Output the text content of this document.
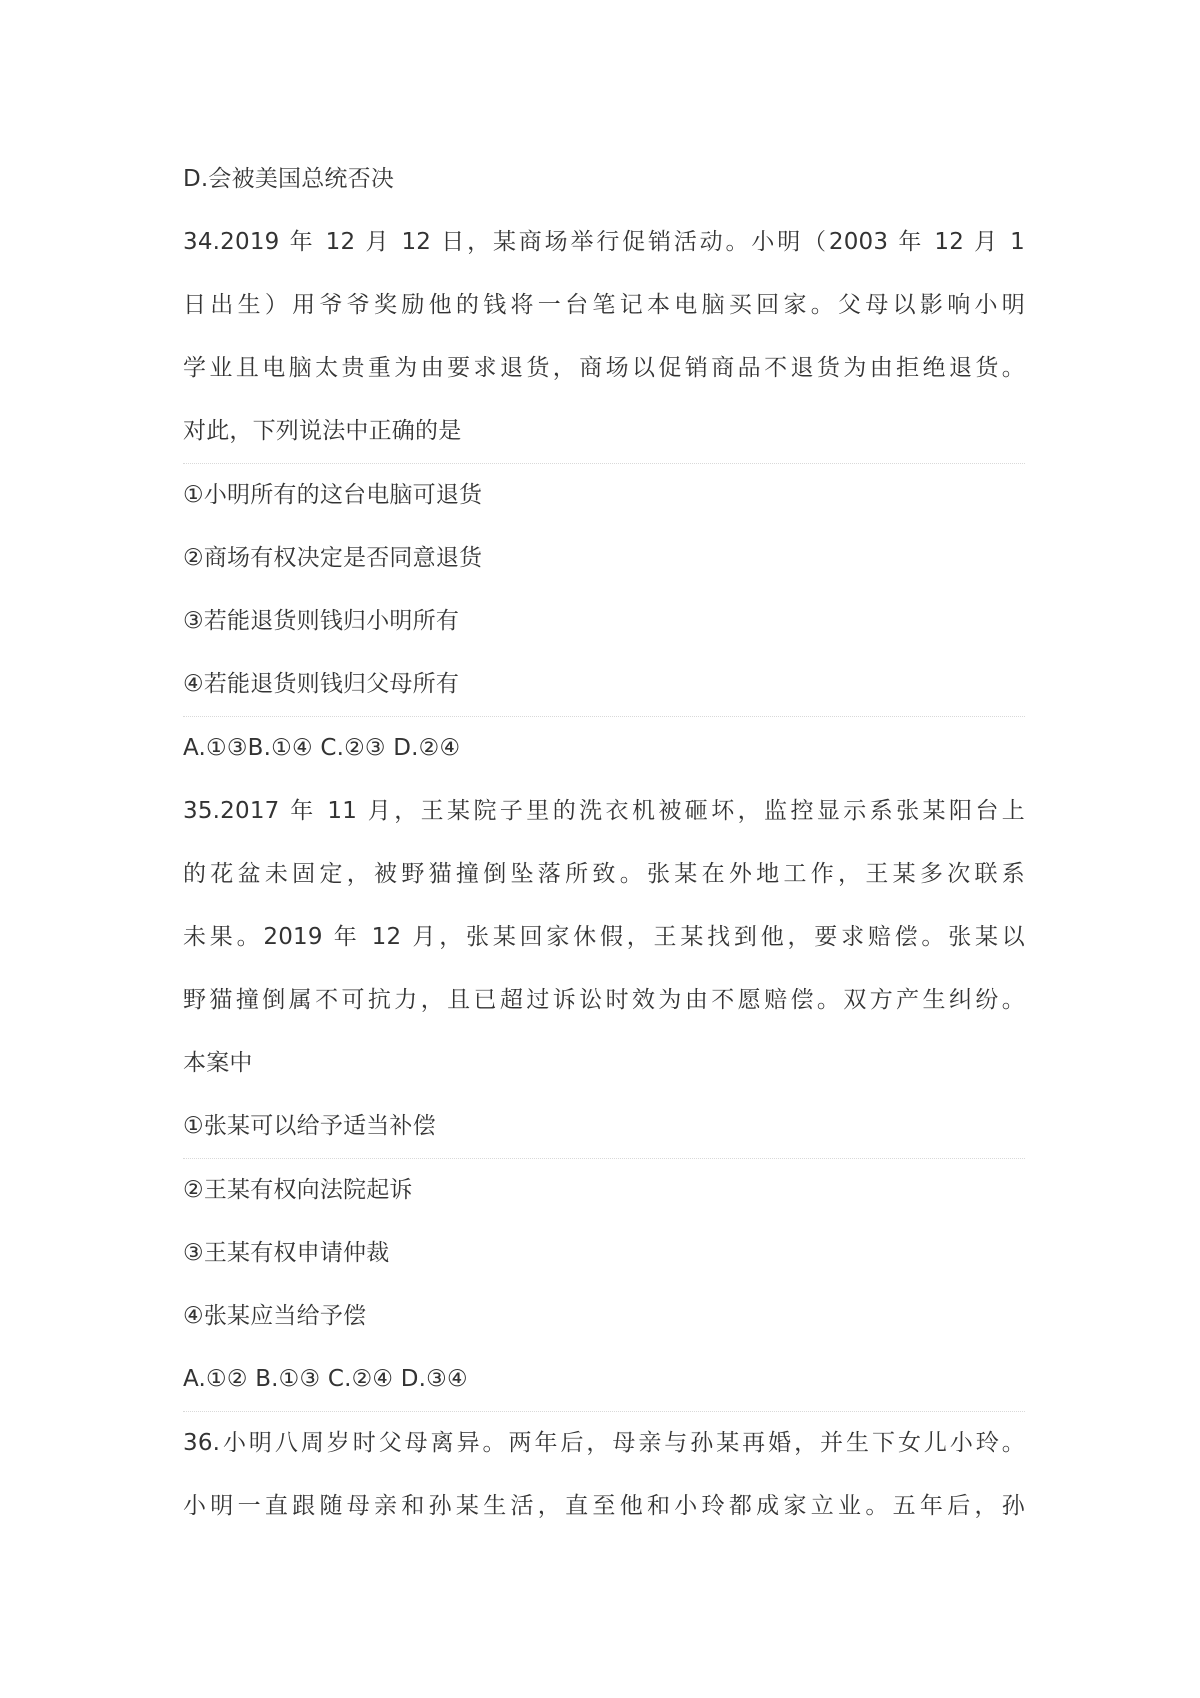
D.会被美国总统否决
34.2019 年 12 月 12 日，某商场举行促销活动。小明（2003 年 12 月 1
日出生）用爷爷奖励他的钱将一台笔记本电脑买回家。父母以影响小明
学业且电脑太贵重为由要求退货，商场以促销商品不退货为由拒绝退货。
对此，下列说法中正确的是
①小明所有的这台电脑可退货
②商场有权决定是否同意退货
③若能退货则钱归小明所有
④若能退货则钱归父母所有
A.①③B.①④ C.②③ D.②④
35.2017 年 11 月，王某院子里的洗衣机被砸坏，监控显示系张某阳台上
的花盆未固定，被野猫撞倒坠落所致。张某在外地工作，王某多次联系
未果。2019 年 12 月，张某回家休假，王某找到他，要求赔偿。张某以
野猫撞倒属不可抗力，且已超过诉讼时效为由不愿赔偿。双方产生纠纷。
本案中
①张某可以给予适当补偿
②王某有权向法院起诉
③王某有权申请仲裁
④张某应当给予偿
A.①② B.①③ C.②④ D.③④
36.小明八周岁时父母离异。两年后，母亲与孙某再婚，并生下女儿小玲。
小明一直跟随母亲和孙某生活，直至他和小玲都成家立业。五年后，孙
